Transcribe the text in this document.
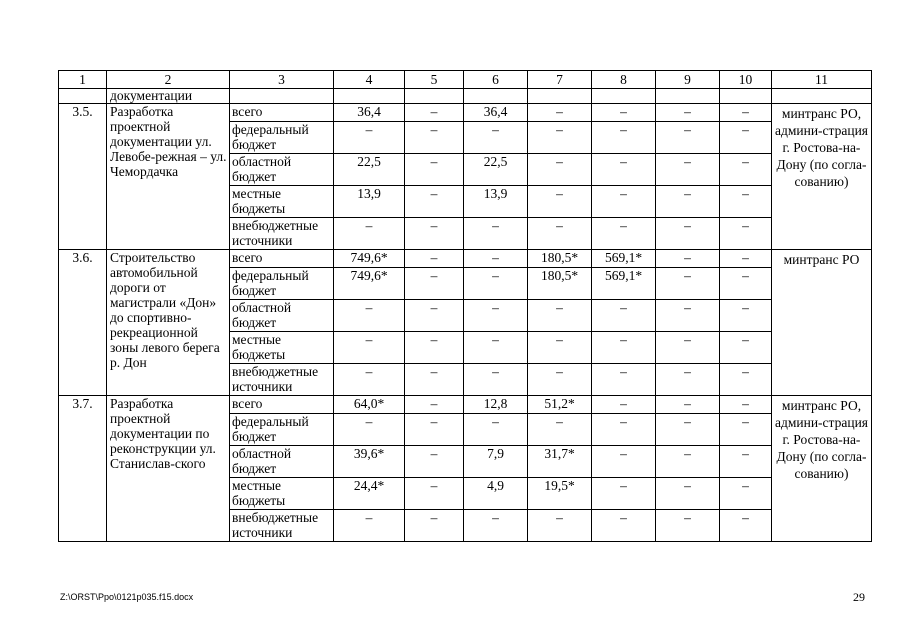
1	2	3	4	5	6	7	8	9	10	11
	документации									
3.5.	Разработка проектной документации ул. Левобе-режная – ул. Чемордачка	всего	36,4	–	36,4	–	–	–	–	минтранс РО, админи-страция г. Ростова-на-Дону (по согла-сованию)
		федеральный бюджет	–	–	–	–	–	–	–	
		областной бюджет	22,5	–	22,5	–	–	–	–	
		местные бюджеты	13,9	–	13,9	–	–	–	–	
		внебюджетные источники	–	–	–	–	–	–	–	
3.6.	Строительство автомобильной дороги от магистрали «Дон» до спортивно-рекреационной зоны левого берега р. Дон	всего	749,6*	–	–	180,5*	569,1*	–	–	минтранс РО
		федеральный бюджет	749,6*	–	–	180,5*	569,1*	–	–	
		областной бюджет	–	–	–	–	–	–	–	
		местные бюджеты	–	–	–	–	–	–	–	
		внебюджетные источники	–	–	–	–	–	–	–	
3.7.	Разработка проектной документации по реконструкции ул. Станислав-ского	всего	64,0*	–	12,8	51,2*	–	–	–	минтранс РО, админи-страция г. Ростова-на-Дону (по согла-сованию)
		федеральный бюджет	–	–	–	–	–	–	–	
		областной бюджет	39,6*	–	7,9	31,7*	–	–	–	
		местные бюджеты	24,4*	–	4,9	19,5*	–	–	–	
		внебюджетные источники	–	–	–	–	–	–	–	
Z:\ORST\Ppo\0121p035.f15.docx	29
